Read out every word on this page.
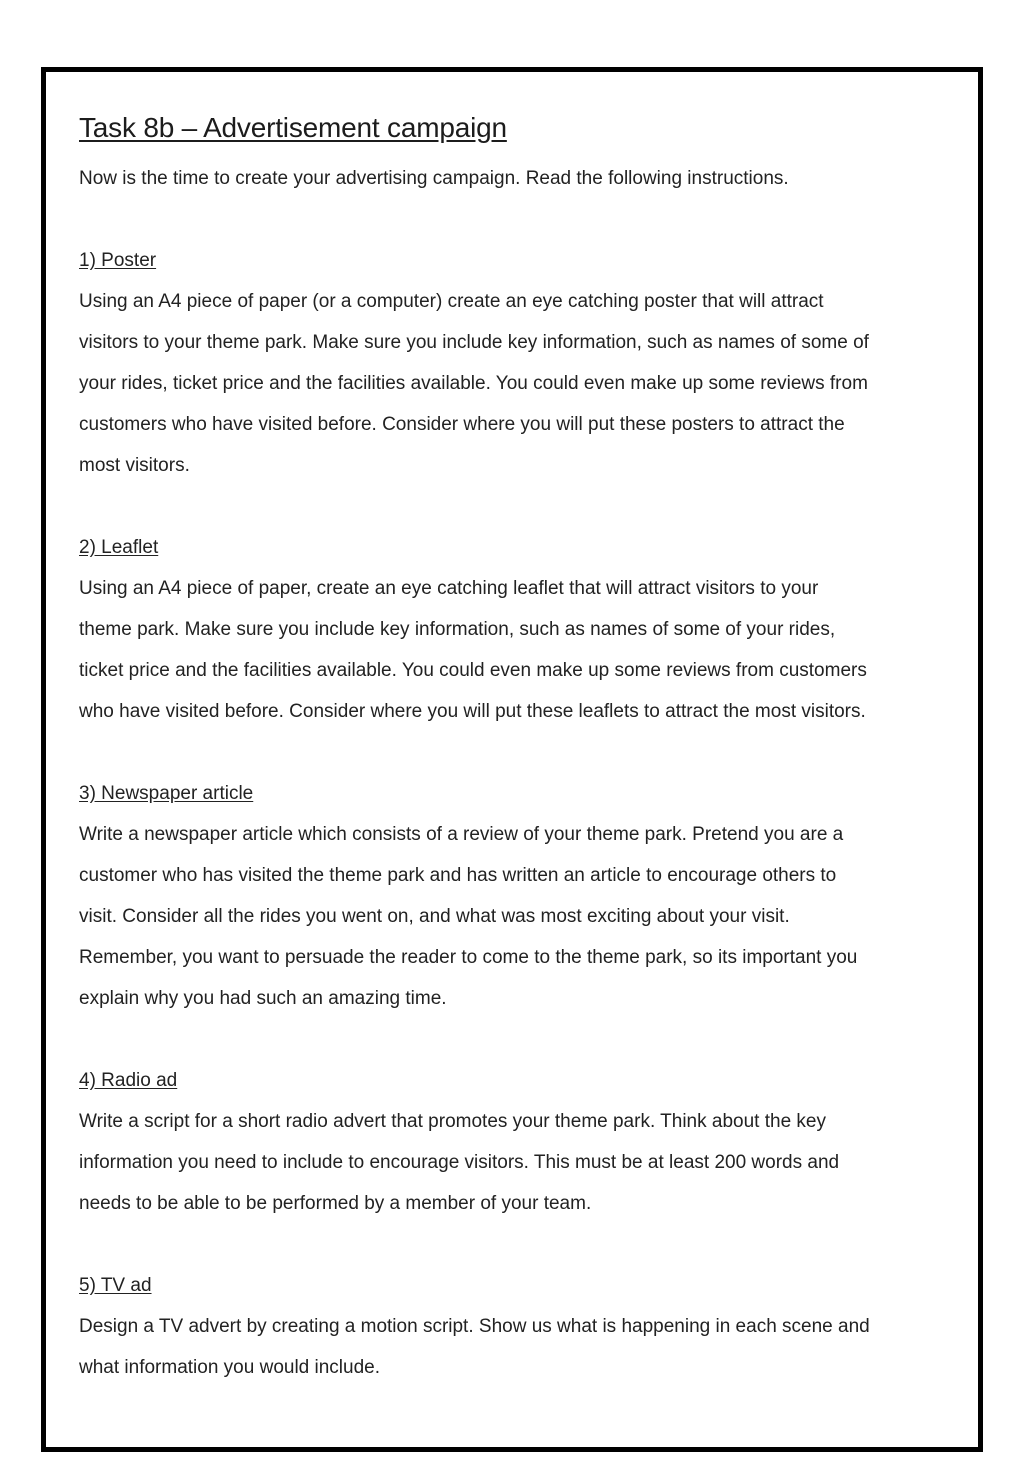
Task 8b – Advertisement campaign

Now is the time to create your advertising campaign. Read the following instructions.

1) Poster
Using an A4 piece of paper (or a computer) create an eye catching poster that will attract
visitors to your theme park. Make sure you include key information, such as names of some of
your rides, ticket price and the facilities available. You could even make up some reviews from
customers who have visited before. Consider where you will put these posters to attract the
most visitors.
2) Leaflet
Using an A4 piece of paper, create an eye catching leaflet that will attract visitors to your
theme park. Make sure you include key information, such as names of some of your rides,
ticket price and the facilities available. You could even make up some reviews from customers
who have visited before. Consider where you will put these leaflets to attract the most visitors.
3) Newspaper article
Write a newspaper article which consists of a review of your theme park. Pretend you are a
customer who has visited the theme park and has written an article to encourage others to
visit. Consider all the rides you went on, and what was most exciting about your visit.
Remember, you want to persuade the reader to come to the theme park, so its important you
explain why you had such an amazing time.
4) Radio ad
Write a script for a short radio advert that promotes your theme park. Think about the key
information you need to include to encourage visitors. This must be at least 200 words and
needs to be able to be performed by a member of your team.
5) TV ad
Design a TV advert by creating a motion script. Show us what is happening in each scene and
what information you would include.
